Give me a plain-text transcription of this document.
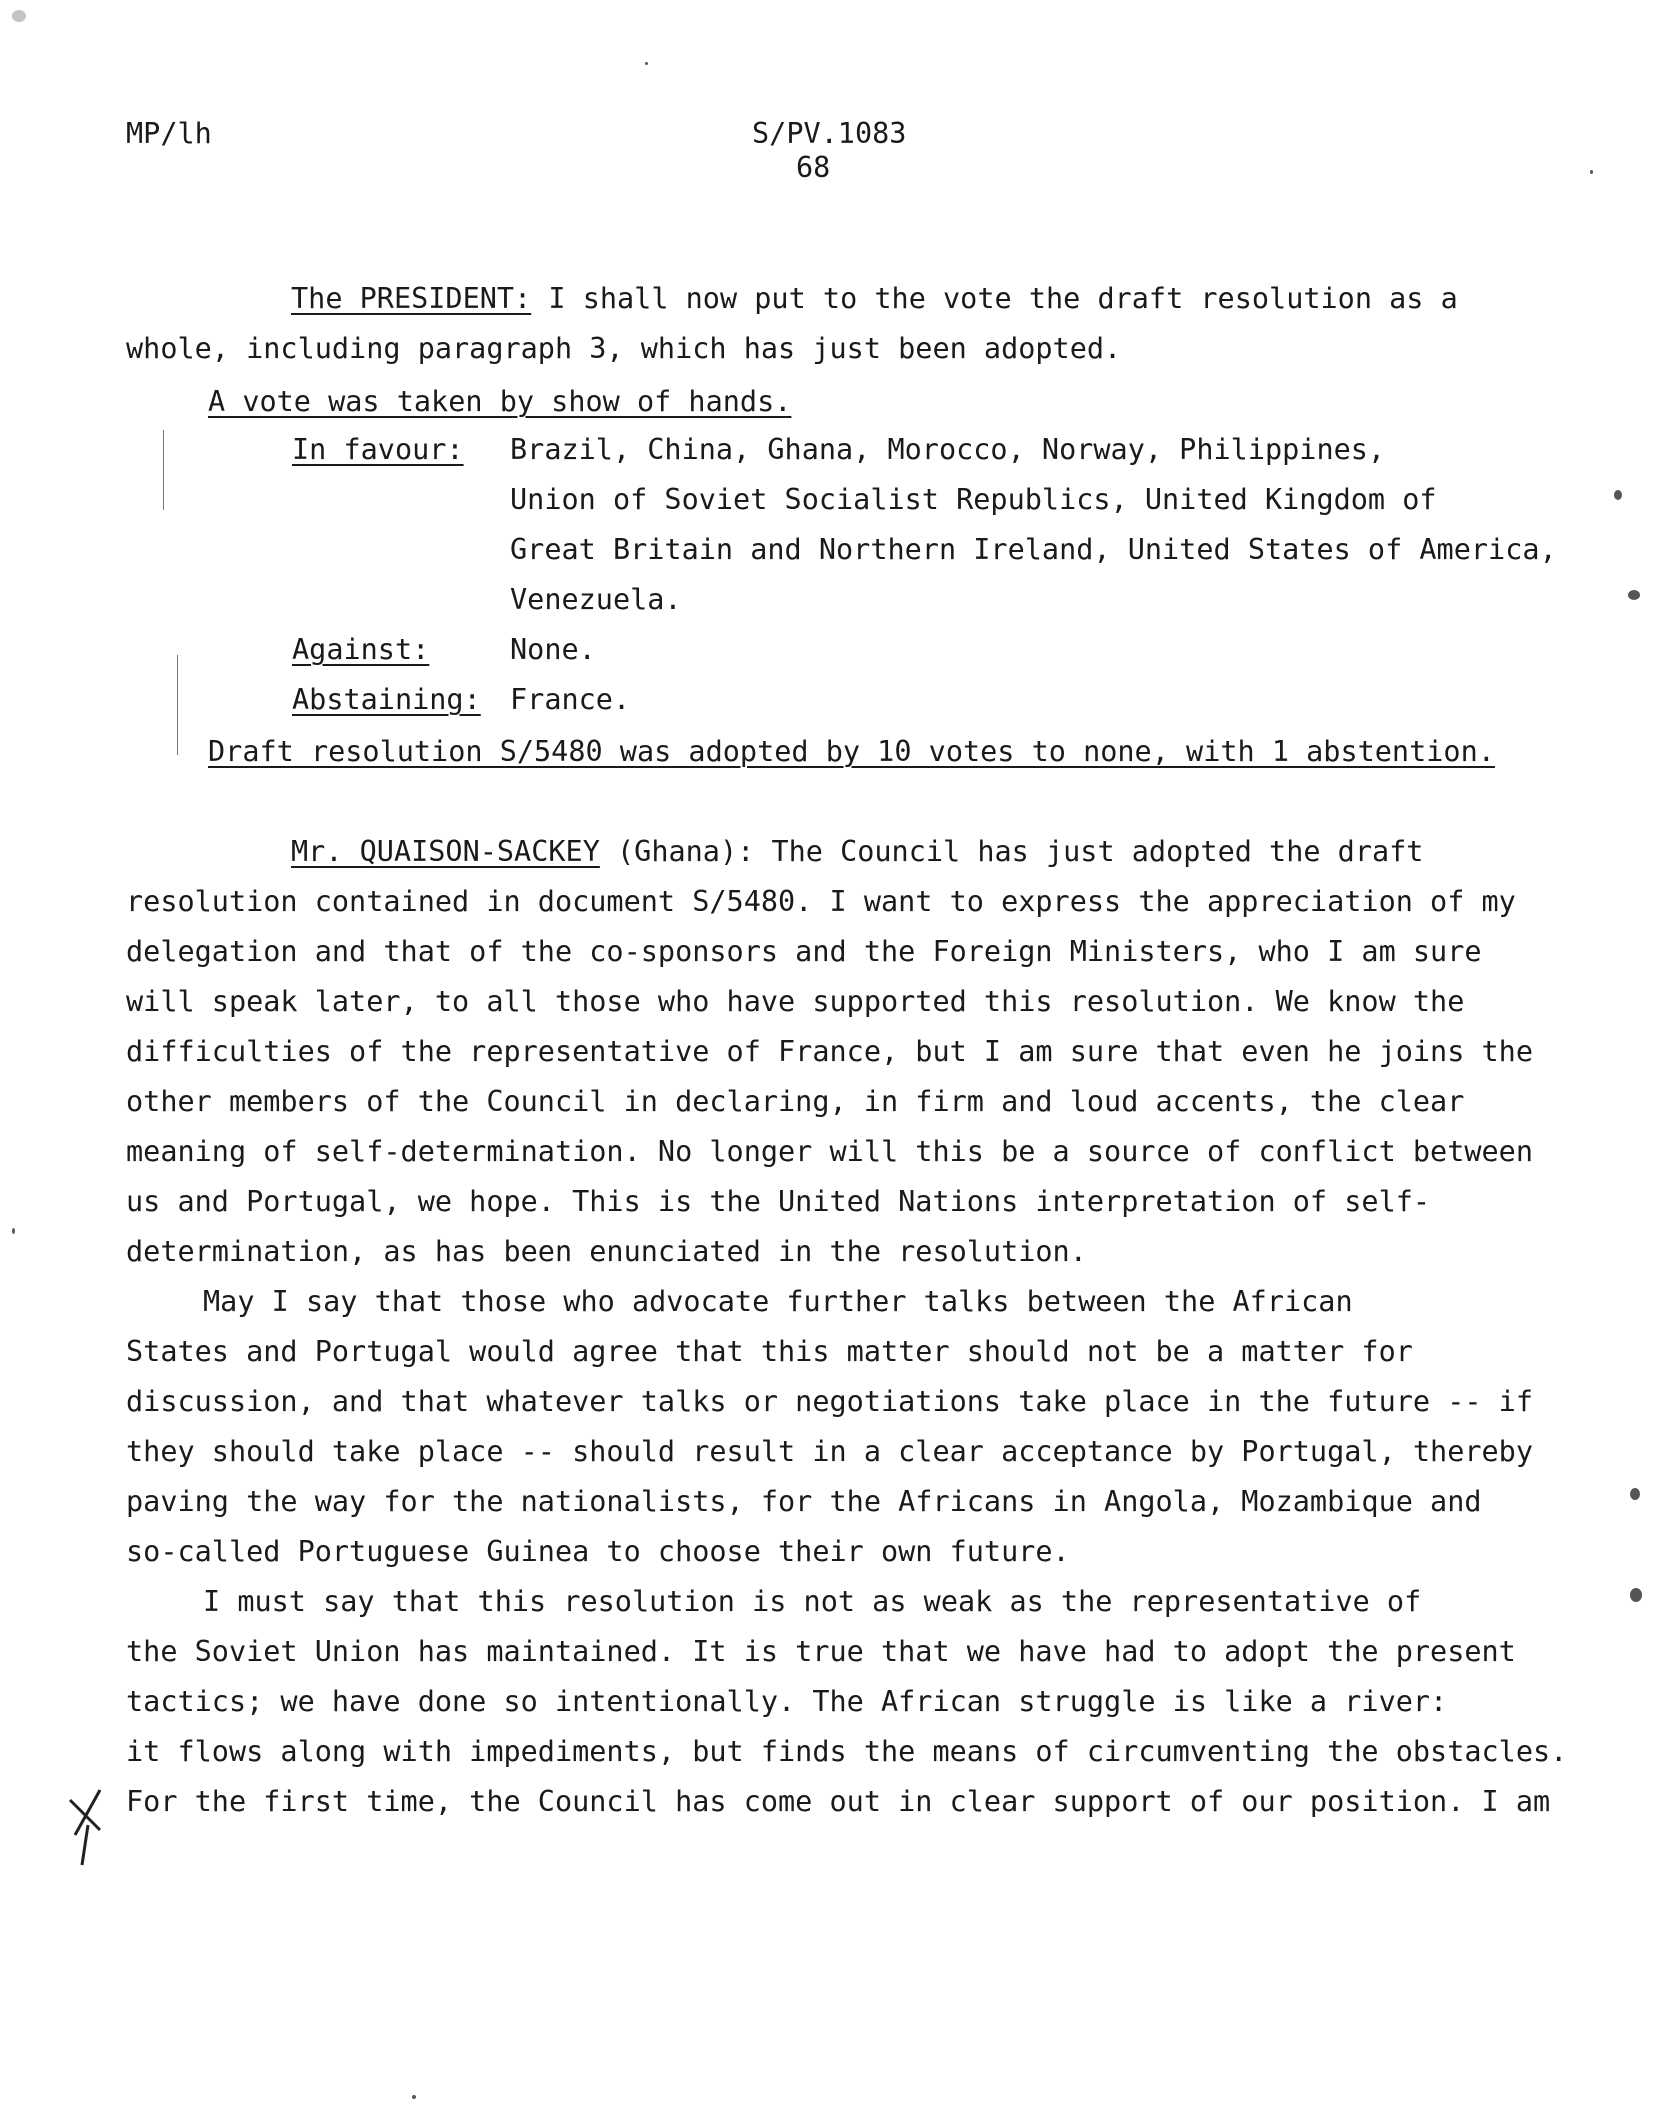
MP/lh	S/PV.1083
68
The PRESIDENT: I shall now put to the vote the draft resolution as a
whole, including paragraph 3, which has just been adopted.
A vote was taken by show of hands.
In favour: Brazil, China, Ghana, Morocco, Norway, Philippines,
Union of Soviet Socialist Republics, United Kingdom of
Great Britain and Northern Ireland, United States of America,
Venezuela.
Against:	None.
Abstaining: France.
Draft resolution S/5480 was adopted by 10 votes to none, with 1 abstention.
Mr. QUAISON-SACKEY (Ghana): The Council has just adopted the draft
resolution contained in document S/5480. I want to express the appreciation of my
delegation and that of the co-sponsors and the Foreign Ministers, who I am sure
will speak later, to all those who have supported this resolution. We know the
difficulties of the representative of France, but I am sure that even he joins the
other members of the Council in declaring, in firm and loud accents, the clear
meaning of self-determination. No longer will this be a source of conflict between
us and Portugal, we hope. This is the United Nations interpretation of self-
determination, as has been enunciated in the resolution.
May I say that those who advocate further talks between the African
States and Portugal would agree that this matter should not be a matter for
discussion, and that whatever talks or negotiations take place in the future -- if
they should take place -- should result in a clear acceptance by Portugal, thereby
paving the way for the nationalists, for the Africans in Angola, Mozambique and
so-called Portuguese Guinea to choose their own future.
I must say that this resolution is not as weak as the representative of
the Soviet Union has maintained. It is true that we have had to adopt the present
tactics; we have done so intentionally. The African struggle is like a river:
it flows along with impediments, but finds the means of circumventing the obstacles.
For the first time, the Council has come out in clear support of our position. I am
